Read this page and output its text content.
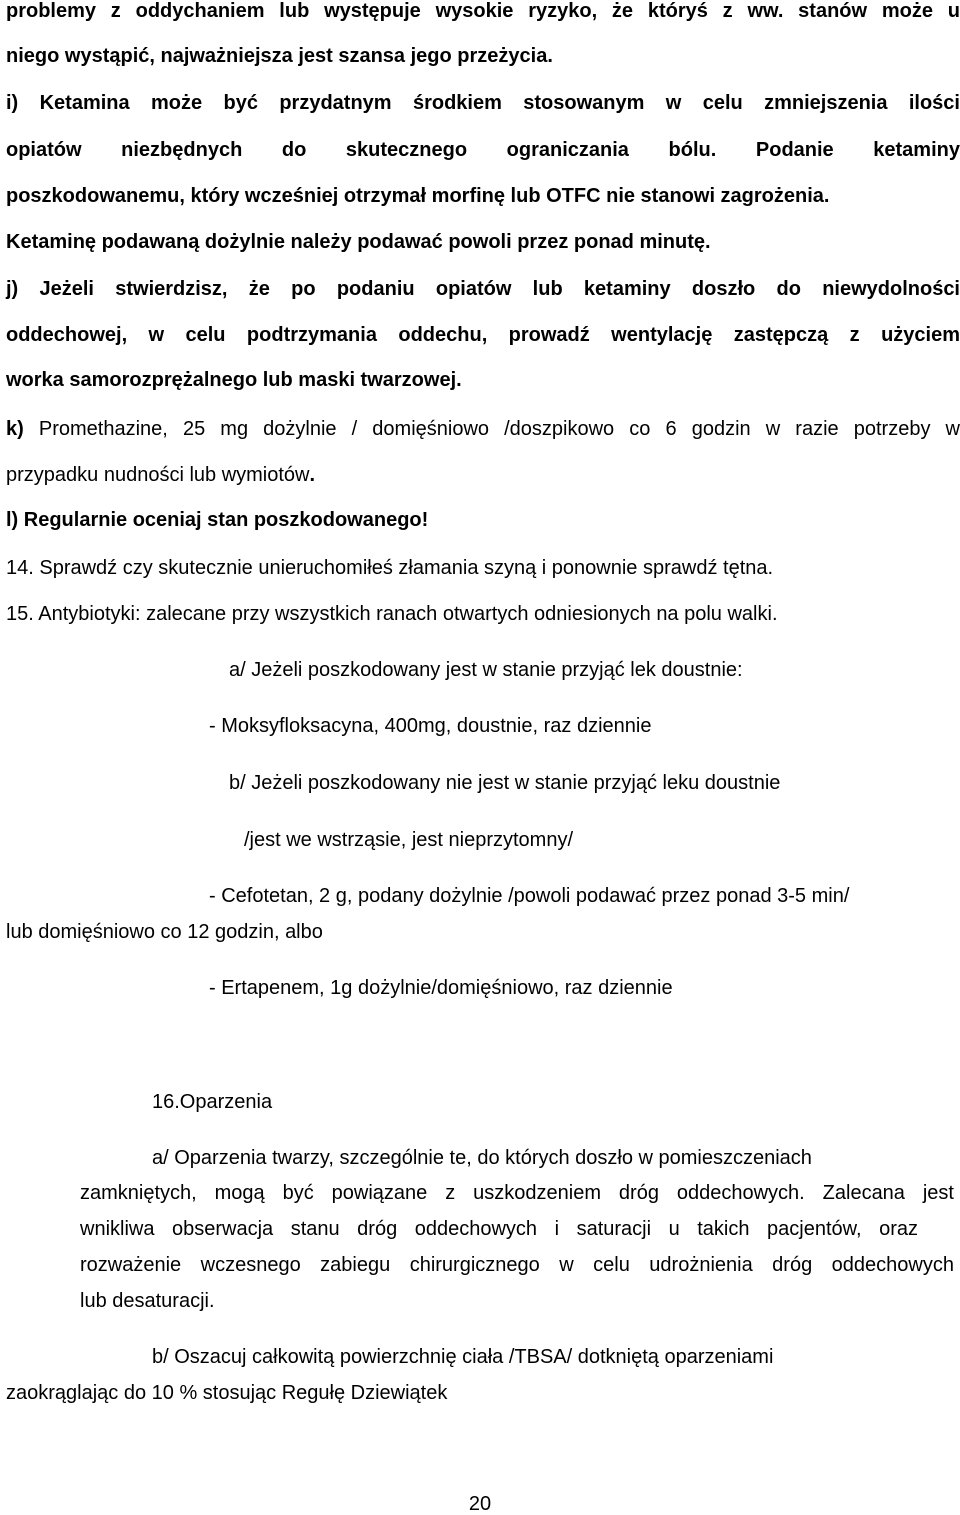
problemy z oddychaniem lub występuje wysokie ryzyko, że któryś z ww. stanów może u

niego wystąpić, najważniejsza jest szansa jego przeżycia.

i) Ketamina może być przydatnym środkiem stosowanym w celu zmniejszenia ilości

opiatów niezbędnych do skutecznego ograniczania bólu. Podanie ketaminy

poszkodowanemu, który wcześniej otrzymał morfinę lub OTFC nie stanowi zagrożenia.

Ketaminę podawaną dożylnie należy podawać powoli przez ponad minutę.

j) Jeżeli stwierdzisz, że po podaniu opiatów lub ketaminy doszło do niewydolności

oddechowej, w celu podtrzymania oddechu, prowadź wentylację zastępczą z użyciem

worka samorozprężalnego lub maski twarzowej.

k) Promethazine, 25 mg dożylnie / domięśniowo /doszpikowo co 6 godzin w razie potrzeby w

przypadku nudności lub wymiotów.

l) Regularnie oceniaj stan poszkodowanego!

14. Sprawdź czy skutecznie unieruchomiłeś złamania szyną i ponownie sprawdź tętna.

15. Antybiotyki: zalecane przy wszystkich ranach otwartych odniesionych na polu walki.

a/ Jeżeli poszkodowany jest w stanie przyjąć lek doustnie:

- Moksyfloksacyna, 400mg, doustnie, raz dziennie

b/ Jeżeli poszkodowany nie jest w stanie przyjąć leku doustnie

/jest we wstrząsie, jest nieprzytomny/

- Cefotetan, 2 g, podany dożylnie /powoli podawać przez ponad 3-5 min/

lub domięśniowo co 12 godzin, albo

- Ertapenem, 1g dożylnie/domięśniowo, raz dziennie

16.Oparzenia

a/ Oparzenia twarzy, szczególnie te, do których doszło w pomieszczeniach

zamkniętych, mogą być powiązane z uszkodzeniem dróg oddechowych. Zalecana jest

wnikliwa obserwacja stanu dróg oddechowych i saturacji u takich pacjentów, oraz

rozważenie wczesnego zabiegu chirurgicznego w celu udrożnienia dróg oddechowych

lub desaturacji.

b/ Oszacuj całkowitą powierzchnię ciała /TBSA/ dotkniętą oparzeniami

zaokrąglając do 10 % stosując Regułę Dziewiątek

20
